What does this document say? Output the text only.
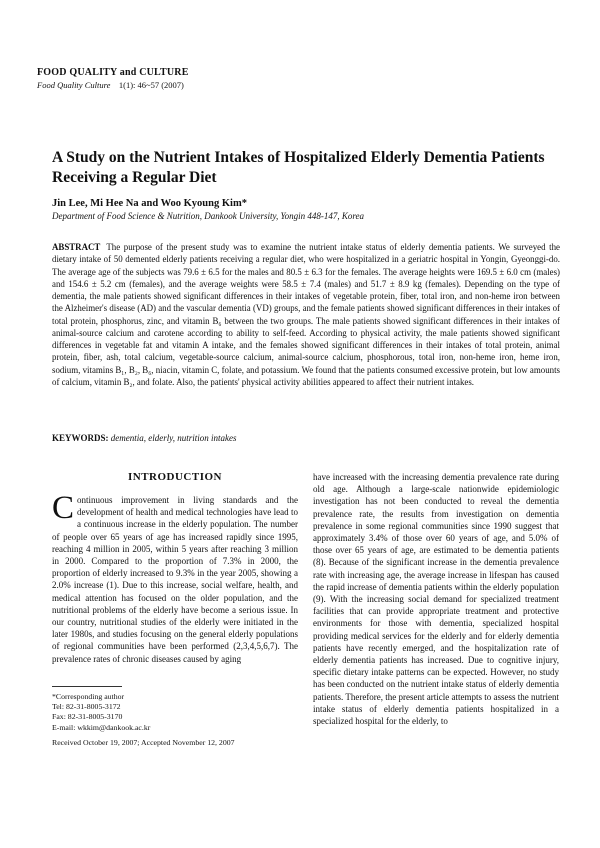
FOOD QUALITY and CULTURE
Food Quality Culture 1(1): 46~57 (2007)
A Study on the Nutrient Intakes of Hospitalized Elderly Dementia Patients
Receiving a Regular Diet
Jin Lee, Mi Hee Na and Woo Kyoung Kim*
Department of Food Science & Nutrition, Dankook University, Yongin 448-147, Korea
ABSTRACT The purpose of the present study was to examine the nutrient intake status of elderly dementia patients. We surveyed the dietary intake of 50 demented elderly patients receiving a regular diet, who were hospitalized in a geriatric hospital in Yongin, Gyeonggi-do. The average age of the subjects was 79.6 ± 6.5 for the males and 80.5 ± 6.3 for the females. The average heights were 169.5 ± 6.0 cm (males) and 154.6 ± 5.2 cm (females), and the average weights were 58.5 ± 7.4 (males) and 51.7 ± 8.9 kg (females). Depending on the type of dementia, the male patients showed significant differences in their intakes of vegetable protein, fiber, total iron, and non-heme iron between the Alzheimer's disease (AD) and the vascular dementia (VD) groups, and the female patients showed significant differences in their intakes of total protein, phosphorus, zinc, and vitamin B₆ between the two groups. The male patients showed significant differences in their intakes of animal-source calcium and carotene according to ability to self-feed. According to physical activity, the male patients showed significant differences in vegetable fat and vitamin A intake, and the females showed significant differences in their intakes of total protein, animal protein, fiber, ash, total calcium, vegetable-source calcium, animal-source calcium, phosphorous, total iron, non-heme iron, heme iron, sodium, vitamins B₁, B₂, B₆, niacin, vitamin C, folate, and potassium. We found that the patients consumed excessive protein, but low amounts of calcium, vitamin B₂, and folate. Also, the patients' physical activity abilities appeared to affect their nutrient intakes.
KEYWORDS: dementia, elderly, nutrition intakes
INTRODUCTION
Continuous improvement in living standards and the development of health and medical technologies have lead to a continuous increase in the elderly population. The number of people over 65 years of age has increased rapidly since 1995, reaching 4 million in 2005, within 5 years after reaching 3 million in 2000. Compared to the proportion of 7.3% in 2000, the proportion of elderly increased to 9.3% in the year 2005, showing a 2.0% increase (1). Due to this increase, social welfare, health, and medical attention has focused on the older population, and the nutritional problems of the elderly have become a serious issue. In our country, nutritional studies of the elderly were initiated in the later 1980s, and studies focusing on the general elderly populations of regional communities have been performed (2,3,4,5,6,7). The prevalence rates of chronic diseases caused by aging
have increased with the increasing dementia prevalence rate during old age. Although a large-scale nationwide epidemiologic investigation has not been conducted to reveal the dementia prevalence rate, the results from investigation on dementia prevalence in some regional communities since 1990 suggest that approximately 3.4% of those over 60 years of age, and 5.0% of those over 65 years of age, are estimated to be dementia patients (8). Because of the significant increase in the dementia prevalence rate with increasing age, the average increase in lifespan has caused the rapid increase of dementia patients within the elderly population (9). With the increasing social demand for specialized treatment facilities that can provide appropriate treatment and protective environments for those with dementia, specialized hospital providing medical services for the elderly and for elderly dementia patients have recently emerged, and the hospitalization rate of elderly dementia patients has increased. Due to cognitive injury, specific dietary intake patterns can be expected. However, no study has been conducted on the nutrient intake status of elderly dementia patients. Therefore, the present article attempts to assess the nutrient intake status of elderly dementia patients hospitalized in a specialized hospital for the elderly, to
*Corresponding author
Tel: 82-31-8005-3172
Fax: 82-31-8005-3170
E-mail: wkkim@dankook.ac.kr
Received October 19, 2007; Accepted November 12, 2007
